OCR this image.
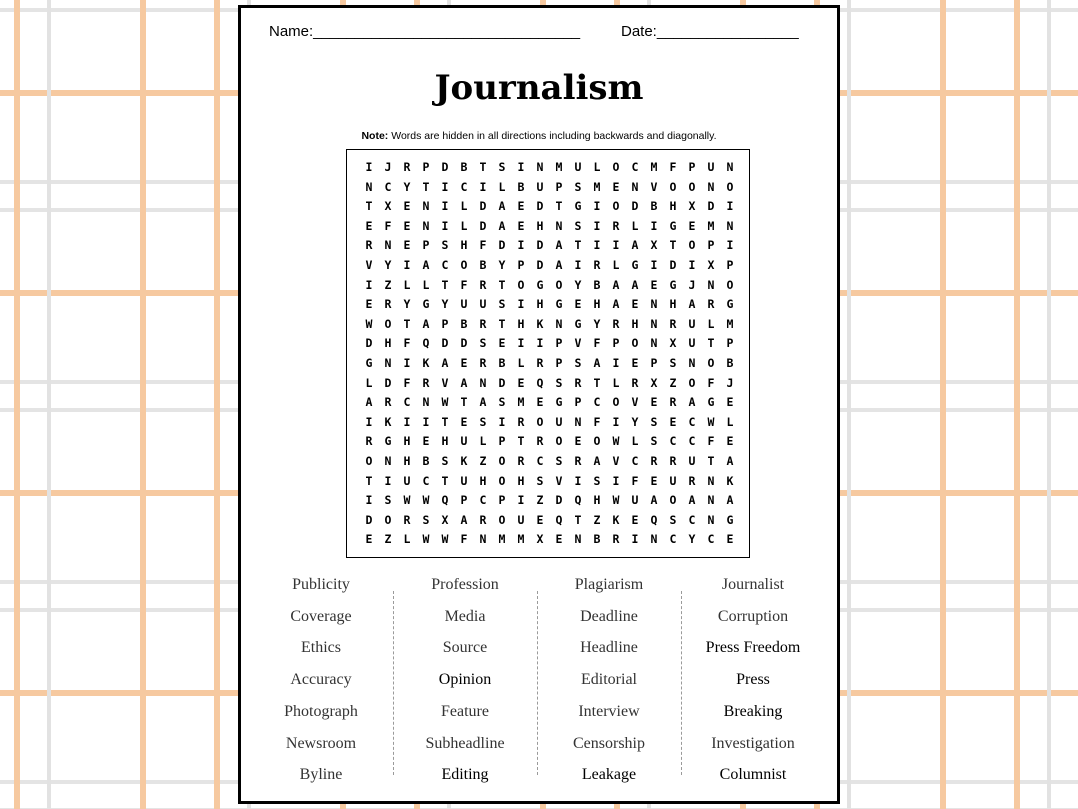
Name:________________________________	Date:_________________
Journalism
Note: Words are hidden in all directions including backwards and diagonally.
I	J	R	P	D	B	T	S	I	N	M	U	L	O	C	M	F	P	U	N
N	C	Y	T	I	C	I	L	B	U	P	S	M	E	N	V	O	O	N	O
T	X	E	N	I	L	D	A	E	D	T	G	I	O	D	B	H	X	D	I
E	F	E	N	I	L	D	A	E	H	N	S	I	R	L	I	G	E	M	N
R	N	E	P	S	H	F	D	I	D	A	T	I	I	A	X	T	O	P	I
V	Y	I	A	C	O	B	Y	P	D	A	I	R	L	G	I	D	I	X	P
I	Z	L	L	T	F	R	T	O	G	O	Y	B	A	A	E	G	J	N	O
E	R	Y	G	Y	U	U	S	I	H	G	E	H	A	E	N	H	A	R	G
W	O	T	A	P	B	R	T	H	K	N	G	Y	R	H	N	R	U	L	M
D	H	F	Q	D	D	S	E	I	I	P	V	F	P	O	N	X	U	T	P
G	N	I	K	A	E	R	B	L	R	P	S	A	I	E	P	S	N	O	B
L	D	F	R	V	A	N	D	E	Q	S	R	T	L	R	X	Z	O	F	J
A	R	C	N	W	T	A	S	M	E	G	P	C	O	V	E	R	A	G	E
I	K	I	I	T	E	S	I	R	O	U	N	F	I	Y	S	E	C	W	L
R	G	H	E	H	U	L	P	T	R	O	E	O	W	L	S	C	C	F	E
O	N	H	B	S	K	Z	O	R	C	S	R	A	V	C	R	R	U	T	A
T	I	U	C	T	U	H	O	H	S	V	I	S	I	F	E	U	R	N	K
I	S	W	W	Q	P	C	P	I	Z	D	Q	H	W	U	A	O	A	N	A
D	O	R	S	X	A	R	O	U	E	Q	T	Z	K	E	Q	S	C	N	G
E	Z	L	W	W	F	N	M	M	X	E	N	B	R	I	N	C	Y	C	E
Publicity
Coverage
Ethics
Accuracy
Photograph
Newsroom
Byline
Profession
Media
Source
Opinion
Feature
Subheadline
Editing
Plagiarism
Deadline
Headline
Editorial
Interview
Censorship
Leakage
Journalist
Corruption
Press Freedom
Press
Breaking
Investigation
Columnist
